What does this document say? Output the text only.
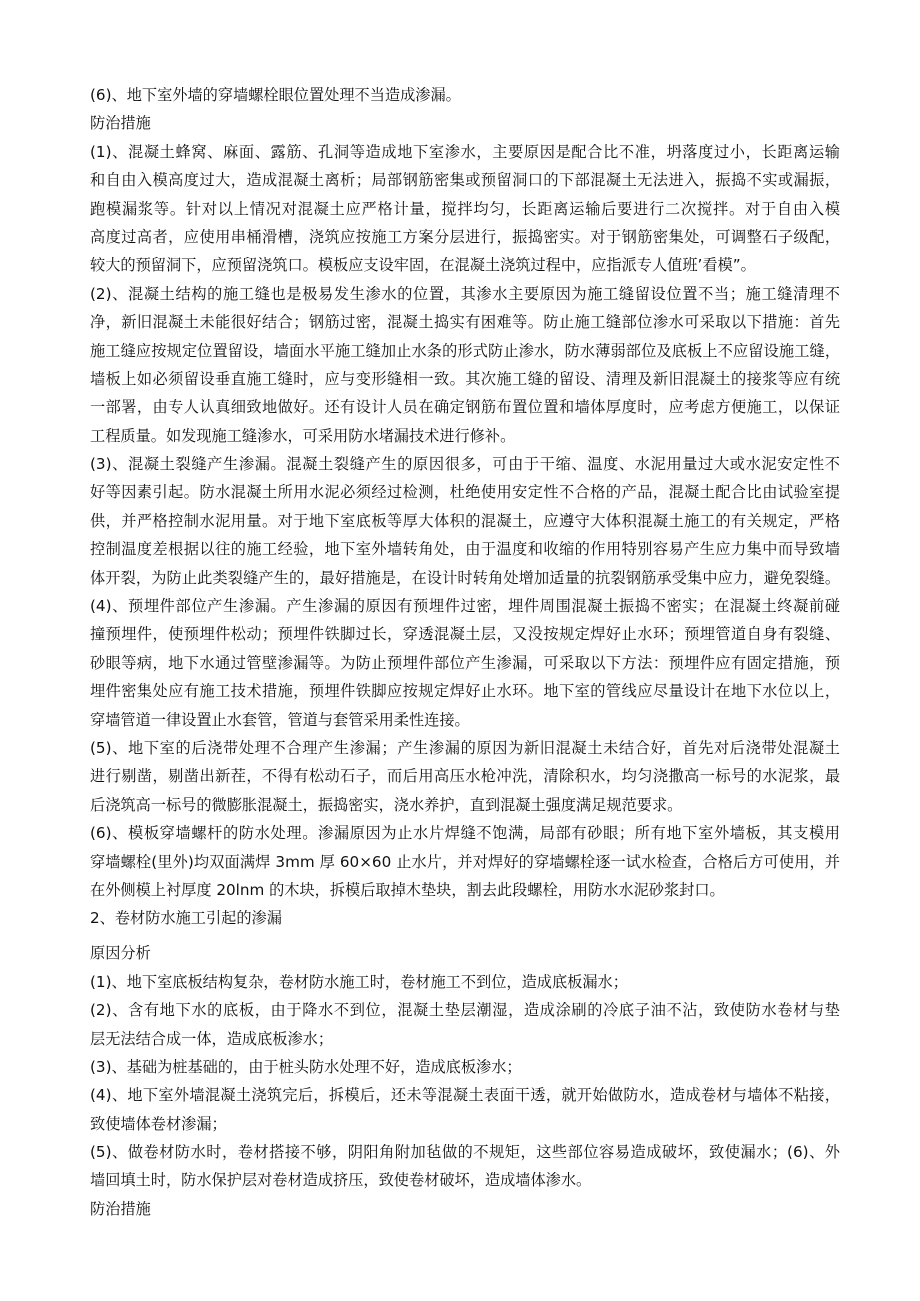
(6)、地下室外墙的穿墙螺栓眼位置处理不当造成渗漏。
防治措施
(1)、混凝土蜂窝、麻面、露筋、孔洞等造成地下室渗水，主要原因是配合比不准，坍落度过小，长距离运输
和自由入模高度过大，造成混凝土离析；局部钢筋密集或预留洞口的下部混凝土无法进入，振捣不实或漏振，
跑模漏浆等。针对以上情况对混凝土应严格计量，搅拌均匀，长距离运输后要进行二次搅拌。对于自由入模
高度过高者，应使用串桶滑槽，浇筑应按施工方案分层进行，振捣密实。对于钢筋密集处，可调整石子级配，
较大的预留洞下，应预留浇筑口。模板应支设牢固，在混凝土浇筑过程中，应指派专人值班’看模”。
(2)、混凝土结构的施工缝也是极易发生渗水的位置，其渗水主要原因为施工缝留设位置不当；施工缝清理不
净，新旧混凝土未能很好结合；钢筋过密，混凝土捣实有困难等。防止施工缝部位渗水可采取以下措施：首先
施工缝应按规定位置留设，墙面水平施工缝加止水条的形式防止渗水，防水薄弱部位及底板上不应留设施工缝，
墙板上如必须留设垂直施工缝时，应与变形缝相一致。其次施工缝的留设、清理及新旧混凝土的接浆等应有统
一部署，由专人认真细致地做好。还有设计人员在确定钢筋布置位置和墙体厚度时，应考虑方便施工，以保证
工程质量。如发现施工缝渗水，可采用防水堵漏技术进行修补。
(3)、混凝土裂缝产生渗漏。混凝土裂缝产生的原因很多，可由于干缩、温度、水泥用量过大或水泥安定性不
好等因素引起。防水混凝土所用水泥必须经过检测，杜绝使用安定性不合格的产品，混凝土配合比由试验室提
供，并严格控制水泥用量。对于地下室底板等厚大体积的混凝土，应遵守大体积混凝土施工的有关规定，严格
控制温度差根据以往的施工经验，地下室外墙转角处，由于温度和收缩的作用特别容易产生应力集中而导致墙
体开裂，为防止此类裂缝产生的，最好措施是，在设计时转角处增加适量的抗裂钢筋承受集中应力，避免裂缝。
(4)、预埋件部位产生渗漏。产生渗漏的原因有预埋件过密，埋件周围混凝土振捣不密实；在混凝土终凝前碰
撞预埋件，使预埋件松动；预埋件铁脚过长，穿透混凝土层，又没按规定焊好止水环；预埋管道自身有裂缝、
砂眼等病，地下水通过管壁渗漏等。为防止预埋件部位产生渗漏，可采取以下方法：预埋件应有固定措施，预
埋件密集处应有施工技术措施，预埋件铁脚应按规定焊好止水环。地下室的管线应尽量设计在地下水位以上，
穿墙管道一律设置止水套管，管道与套管采用柔性连接。
(5)、地下室的后浇带处理不合理产生渗漏；产生渗漏的原因为新旧混凝土未结合好，首先对后浇带处混凝土
进行剔凿，剔凿出新茬，不得有松动石子，而后用高压水枪冲洗，清除积水，均匀浇撒高一标号的水泥浆，最
后浇筑高一标号的微膨胀混凝土，振捣密实，浇水养护，直到混凝土强度满足规范要求。
(6)、模板穿墙螺杆的防水处理。渗漏原因为止水片焊缝不饱满，局部有砂眼；所有地下室外墙板，其支模用
穿墙螺栓(里外)均双面满焊 3mm 厚 60×60 止水片，并对焊好的穿墙螺栓逐一试水检查，合格后方可使用，并
在外侧模上衬厚度 20lnm 的木块，拆模后取掉木垫块，割去此段螺栓，用防水水泥砂浆封口。
2、卷材防水施工引起的渗漏
原因分析
(1)、地下室底板结构复杂，卷材防水施工时，卷材施工不到位，造成底板漏水；
(2)、含有地下水的底板，由于降水不到位，混凝土垫层潮湿，造成涂刷的冷底子油不沾，致使防水卷材与垫
层无法结合成一体，造成底板渗水；
(3)、基础为桩基础的，由于桩头防水处理不好，造成底板渗水；
(4)、地下室外墙混凝土浇筑完后，拆模后，还未等混凝土表面干透，就开始做防水，造成卷材与墙体不粘接，
致使墙体卷材渗漏；
(5)、做卷材防水时，卷材搭接不够，阴阳角附加毡做的不规矩，这些部位容易造成破坏，致使漏水；(6)、外
墙回填土时，防水保护层对卷材造成挤压，致使卷材破坏，造成墙体渗水。
防治措施
